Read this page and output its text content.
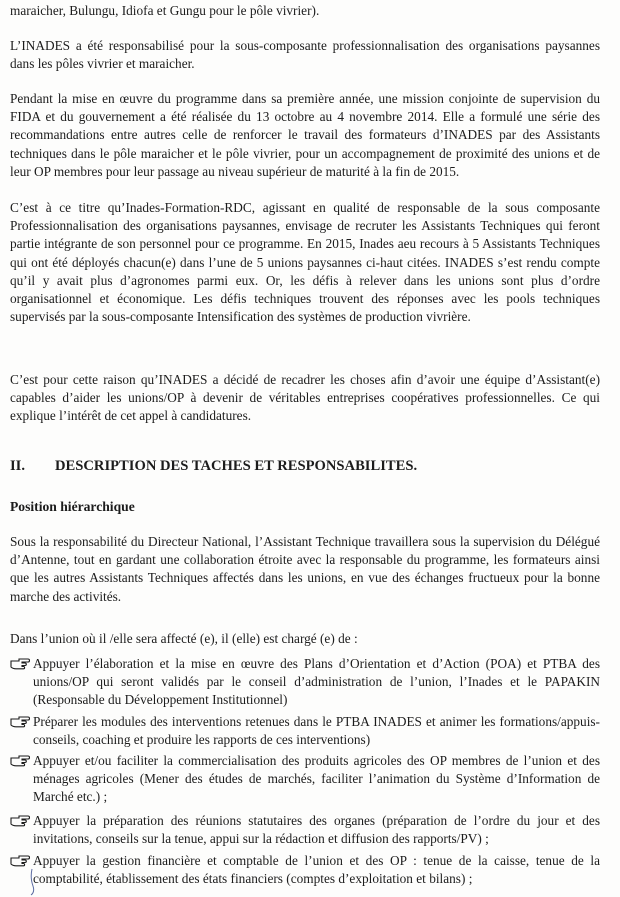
maraicher, Bulungu, Idiofa et Gungu pour le pôle vivrier).

L’INADES a été responsabilisé pour la sous-composante professionnalisation des organisations paysannes dans les pôles vivrier et maraicher.

Pendant la mise en œuvre du programme dans sa première année, une mission conjointe de supervision du FIDA et du gouvernement a été réalisée du 13 octobre au 4 novembre 2014. Elle a formulé une série des recommandations entre autres celle de renforcer le travail des formateurs d’INADES par des Assistants techniques dans le pôle maraicher et le pôle vivrier, pour un accompagnement de proximité des unions et de leur OP membres pour leur passage au niveau supérieur de maturité à la fin de 2015.

C’est à ce titre qu’Inades-Formation-RDC, agissant en qualité de responsable de la sous composante Professionnalisation des organisations paysannes, envisage de recruter les Assistants Techniques qui feront partie intégrante de son personnel pour ce programme. En 2015, Inades aeu recours à 5 Assistants Techniques qui ont été déployés chacun(e) dans l’une de 5 unions paysannes ci-haut citées. INADES s’est rendu compte qu’il y avait plus d’agronomes parmi eux. Or, les défis à relever dans les unions sont plus d’ordre organisationnel et économique. Les défis techniques trouvent des réponses avec les pools techniques supervisés par la sous-composante Intensification des systèmes de production vivrière.

C’est pour cette raison qu’INADES a décidé de recadrer les choses afin d’avoir une équipe d’Assistant(e) capables d’aider les unions/OP à devenir de véritables entreprises coopératives professionnelles. Ce qui explique l’intérêt de cet appel à candidatures.

II. DESCRIPTION DES TACHES ET RESPONSABILITES.
Position hiérarchique

Sous la responsabilité du Directeur National, l’Assistant Technique travaillera sous la supervision du Délégué d’Antenne, tout en gardant une collaboration étroite avec la responsable du programme, les formateurs ainsi que les autres Assistants Techniques affectés dans les unions, en vue des échanges fructueux pour la bonne marche des activités.

Dans l’union où il /elle sera affecté (e), il (elle) est chargé (e) de :

Appuyer l’élaboration et la mise en œuvre des Plans d’Orientation et d’Action (POA) et PTBA des unions/OP qui seront validés par le conseil d’administration de l’union, l’Inades et le PAPAKIN (Responsable du Développement Institutionnel)
Préparer les modules des interventions retenues dans le PTBA INADES et animer les formations/appuis-conseils, coaching et produire les rapports de ces interventions)
Appuyer et/ou faciliter la commercialisation des produits agricoles des OP membres de l’union et des ménages agricoles (Mener des études de marchés, faciliter l’animation du Système d’Information de Marché etc.) ;
Appuyer la préparation des réunions statutaires des organes (préparation de l’ordre du jour et des invitations, conseils sur la tenue, appui sur la rédaction et diffusion des rapports/PV) ;
Appuyer la gestion financière et comptable de l’union et des OP : tenue de la caisse, tenue de la comptabilité, établissement des états financiers (comptes d’exploitation et bilans) ;
